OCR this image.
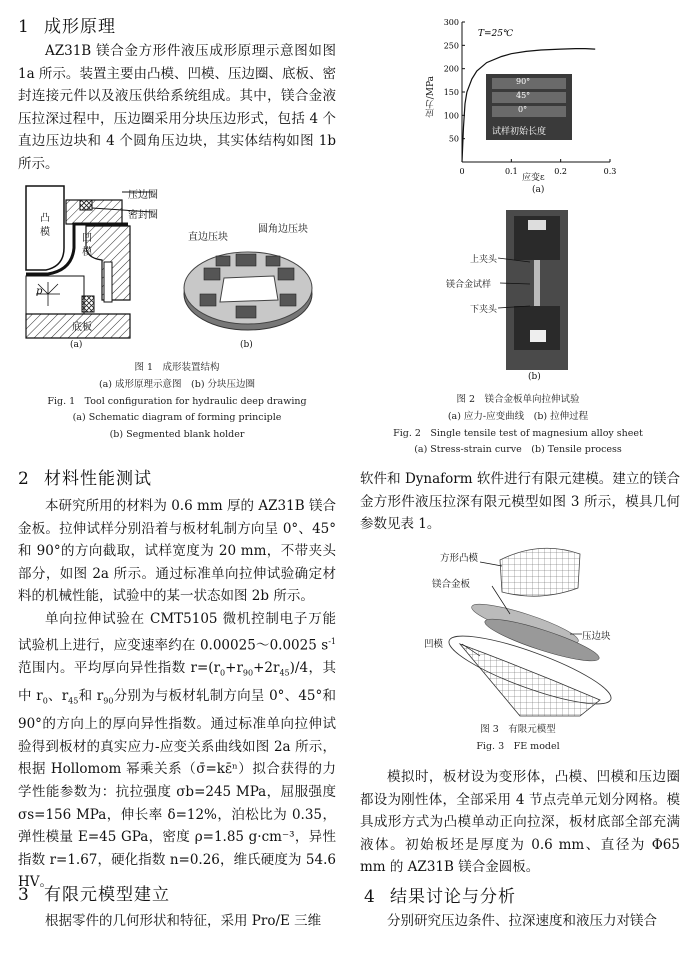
1 成形原理
AZ31B 镁合金方形件液压成形原理示意图如图 1a 所示。装置主要由凸模、凹模、压边圈、底板、密封连接元件以及液压供给系统组成。其中，镁合金液压拉深过程中，压边圈采用分块压边形式，包括 4 个直边压边块和 4 个圆角压边块，其实体结构如图 1b 所示。
压边圈
密封圈
凸模
凹模
p
底板
(a)
直边压块
圆角边压块
(b)
图 1　成形装置结构
(a) 成形原理示意图　(b) 分块压边圈
Fig. 1　Tool configuration for hydraulic deep drawing
(a) Schematic diagram of forming principle
(b) Segmented blank holder
2 材料性能测试
本研究所用的材料为 0.6 mm 厚的 AZ31B 镁合金板。拉伸试样分别沿着与板材轧制方向呈 0°、45°和 90°的方向截取，试样宽度为 20 mm，不带夹头部分，如图 2a 所示。通过标准单向拉伸试验确定材料的机械性能，试验中的某一状态如图 2b 所示。
单向拉伸试验在 CMT5105 微机控制电子万能试验机上进行，应变速率约在 0.00025～0.0025 $s^{-1}$范围内。平均厚向异性指数 $r=(r_0+r_{90}+2r_{45})/4$，其中 $r_0$、$r_{45}$和 $r_{90}$分别为与板材轧制方向呈 0°、45°和 90°的方向上的厚向异性指数。通过标准单向拉伸试验得到板材的真实应力-应变关系曲线如图 2a 所示，根据 Hollomom 幂乘关系（σ̄=kε̄ⁿ）拟合获得的力学性能参数为：抗拉强度 σb=245 MPa，屈服强度 σs=156 MPa，伸长率 δ=12%，泊松比为 0.35，弹性模量 E=45 GPa，密度 ρ=1.85 g·cm⁻³，异性指数 r=1.67，硬化指数 n=0.26，维氏硬度为 54.6 HV。
3 有限元模型建立
根据零件的几何形状和特征，采用 Pro/E 三维
50
100
150
200
250
300
0	0.1	0.2	0.3
T=25℃
应力/MPa
应变ε
(a)
90°
45°
0°
试样初始长度
上夹头
镁合金试样
下夹头
(b)
图 2　镁合金板单向拉伸试验
(a) 应力-应变曲线　(b) 拉伸过程
Fig. 2　Single tensile test of magnesium alloy sheet
(a) Stress-strain curve　(b) Tensile process
软件和 Dynaform 软件进行有限元建模。建立的镁合金方形件液压拉深有限元模型如图 3 所示，模具几何参数见表 1。
方形凸模
镁合金板
压边块
凹模
图 3　有限元模型
Fig. 3　FE model
模拟时，板材设为变形体，凸模、凹模和压边圈都设为刚性体，全部采用 4 节点壳单元划分网格。模具成形方式为凸模单动正向拉深，板材底部全部充满液体。初始板坯是厚度为 0.6 mm、直径为 Φ65 mm 的 AZ31B 镁合金圆板。
4 结果讨论与分析
分别研究压边条件、拉深速度和液压力对镁合
